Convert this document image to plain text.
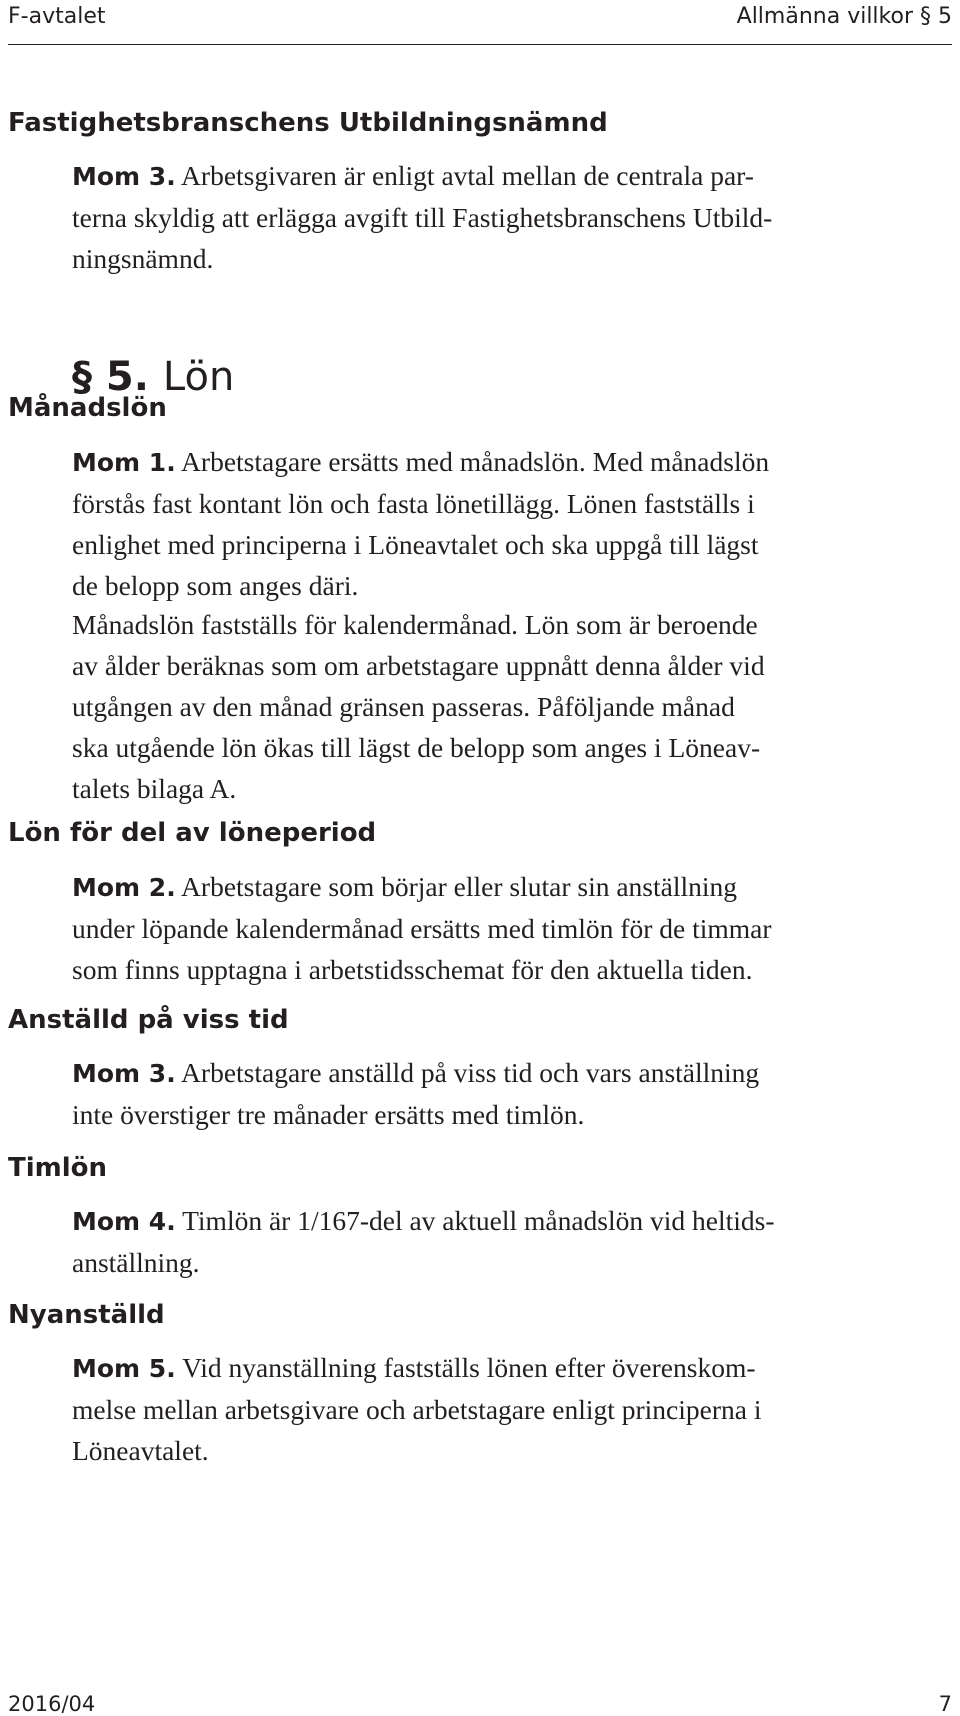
F-avtalet	Allmänna villkor § 5
Fastighetsbranschens Utbildningsnämnd

Mom 3. Arbetsgivaren är enligt avtal mellan de centrala par-
terna skyldig att erlägga avgift till Fastighetsbranschens Utbild-
ningsnämnd.

§ 5. Lön
Månadslön

Mom 1. Arbetstagare ersätts med månadslön. Med månadslön
förstås fast kontant lön och fasta lönetillägg. Lönen fastställs i
enlighet med principerna i Löneavtalet och ska uppgå till lägst
de belopp som anges däri.

Månadslön fastställs för kalendermånad. Lön som är beroende
av ålder beräknas som om arbetstagare uppnått denna ålder vid
utgången av den månad gränsen passeras. Påföljande månad
ska utgående lön ökas till lägst de belopp som anges i Löneav-
talets bilaga A.

Lön för del av löneperiod

Mom 2. Arbetstagare som börjar eller slutar sin anställning
under löpande kalendermånad ersätts med timlön för de timmar
som finns upptagna i arbetstidsschemat för den aktuella tiden.

Anställd på viss tid

Mom 3. Arbetstagare anställd på viss tid och vars anställning
inte överstiger tre månader ersätts med timlön.

Timlön

Mom 4. Timlön är 1/167-del av aktuell månadslön vid heltids-
anställning.

Nyanställd

Mom 5. Vid nyanställning fastställs lönen efter överenskom-
melse mellan arbetsgivare och arbetstagare enligt principerna i
Löneavtalet.

2016/04	7
